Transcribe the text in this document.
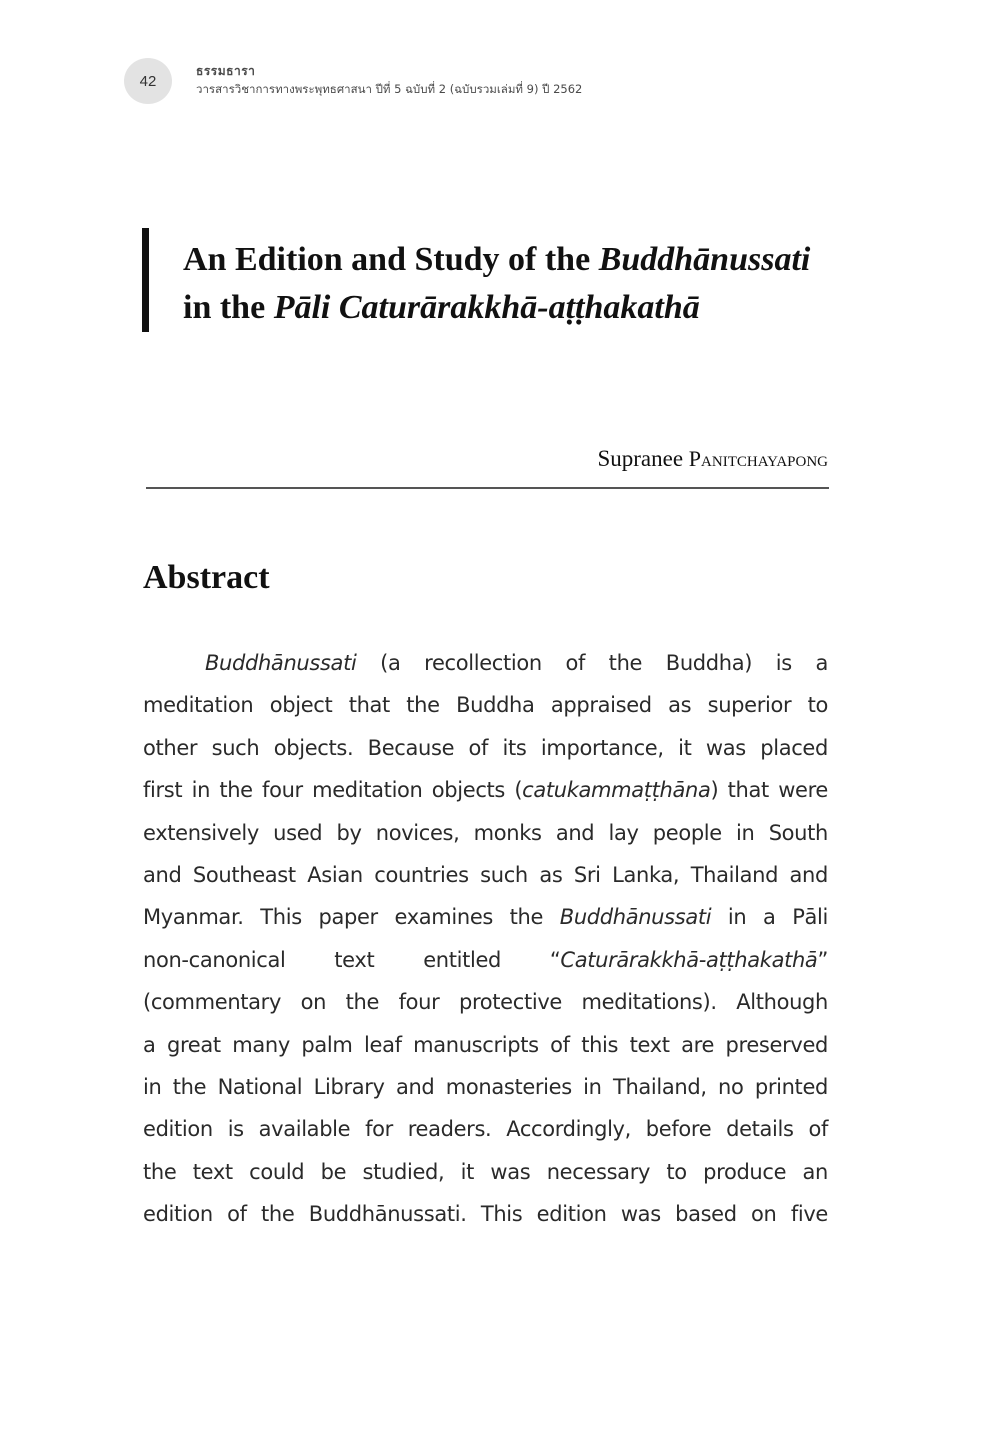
42
ธรรมธารา
วารสารวิชาการทางพระพุทธศาสนา ปีที่ 5 ฉบับที่ 2 (ฉบับรวมเล่มที่ 9) ปี 2562
An Edition and Study of the Buddhānussati
in the Pāli Caturārakkhā-aṭṭhakathā
Supranee Panitchayapong
Abstract
Buddhānussati (a recollection of the Buddha) is a
meditation object that the Buddha appraised as superior to
other such objects. Because of its importance, it was placed
first in the four meditation objects (catukammaṭṭhāna) that were
extensively used by novices, monks and lay people in South
and Southeast Asian countries such as Sri Lanka, Thailand and
Myanmar. This paper examines the Buddhānussati in a Pāli
non-canonical text entitled “Caturārakkhā-aṭṭhakathā”
(commentary on the four protective meditations). Although
a great many palm leaf manuscripts of this text are preserved
in the National Library and monasteries in Thailand, no printed
edition is available for readers. Accordingly, before details of
the text could be studied, it was necessary to produce an
edition of the Buddhānussati. This edition was based on five
